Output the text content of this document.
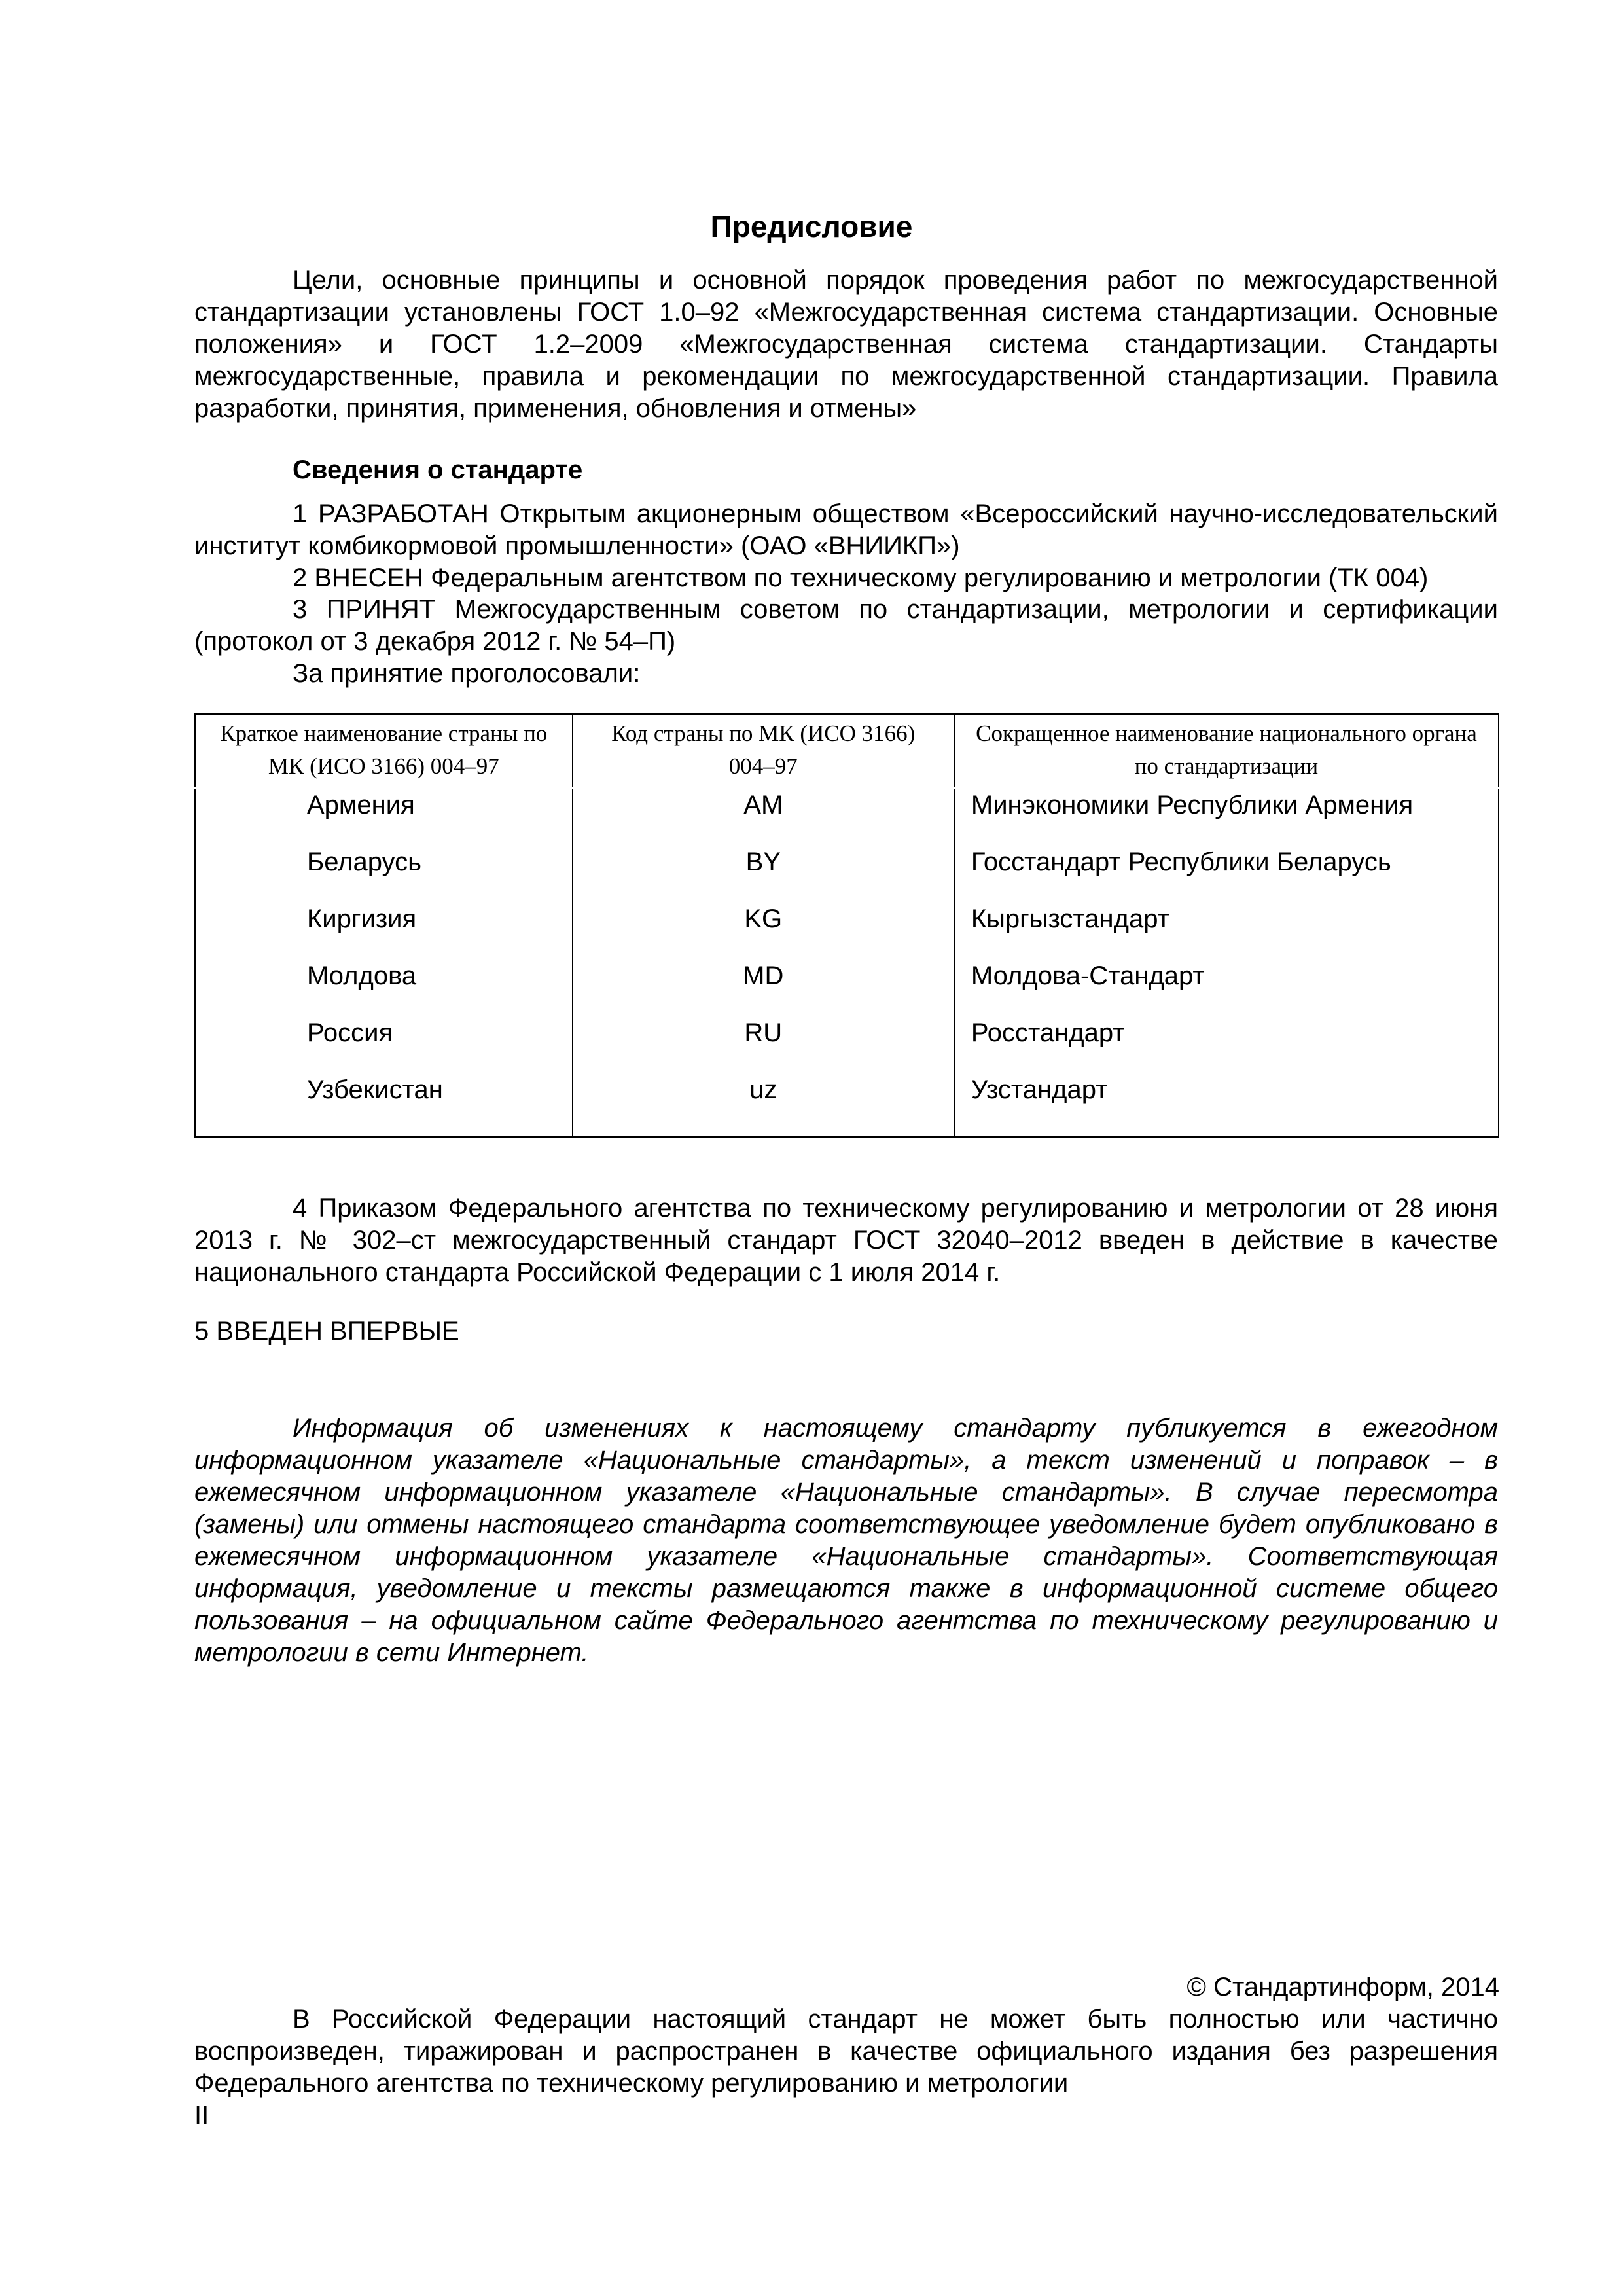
Предисловие

Цели, основные принципы и основной порядок проведения работ по межгосударственной стандартизации установлены ГОСТ 1.0–92 «Межгосударственная система стандартизации. Основные положения» и ГОСТ 1.2–2009 «Межгосударственная система стандартизации. Стандарты межгосударственные, правила и рекомендации по межгосударственной стандартизации. Правила разработки, принятия, применения, обновления и отмены»

Сведения о стандарте

1 РАЗРАБОТАН Открытым акционерным обществом «Всероссийский научно-исследовательский институт комбикормовой промышленности» (ОАО «ВНИИКП»)

2 ВНЕСЕН Федеральным агентством по техническому регулированию и метрологии (ТК 004)

3 ПРИНЯТ Межгосударственным советом по стандартизации, метрологии и сертификации (протокол от 3 декабря 2012 г. № 54–П)

За принятие проголосовали:

Краткое наименование страны по МК (ИСО 3166) 004–97	Код страны по МК (ИСО 3166) 004–97	Сокращенное наименование национального органа по стандартизации
Армения	AM	Минэкономики Республики Армения
Беларусь	BY	Госстандарт Республики Беларусь
Киргизия	KG	Кыргызстандарт
Молдова	MD	Молдова-Стандарт
Россия	RU	Росстандарт
Узбекистан	uz	Узстандарт

4 Приказом Федерального агентства по техническому регулированию и метрологии от 28 июня 2013 г. № 302–ст межгосударственный стандарт ГОСТ 32040–2012 введен в действие в качестве национального стандарта Российской Федерации с 1 июля 2014 г.

5 ВВЕДЕН ВПЕРВЫЕ

Информация об изменениях к настоящему стандарту публикуется в ежегодном информационном указателе «Национальные стандарты», а текст изменений и поправок – в ежемесячном информационном указателе «Национальные стандарты». В случае пересмотра (замены) или отмены настоящего стандарта соответствующее уведомление будет опубликовано в ежемесячном информационном указателе «Национальные стандарты». Соответствующая информация, уведомление и тексты размещаются также в информационной системе общего пользования – на официальном сайте Федерального агентства по техническому регулированию и метрологии в сети Интернет.

© Стандартинформ, 2014

В Российской Федерации настоящий стандарт не может быть полностью или частично воспроизведен, тиражирован и распространен в качестве официального издания без разрешения Федерального агентства по техническому регулированию и метрологии

II
